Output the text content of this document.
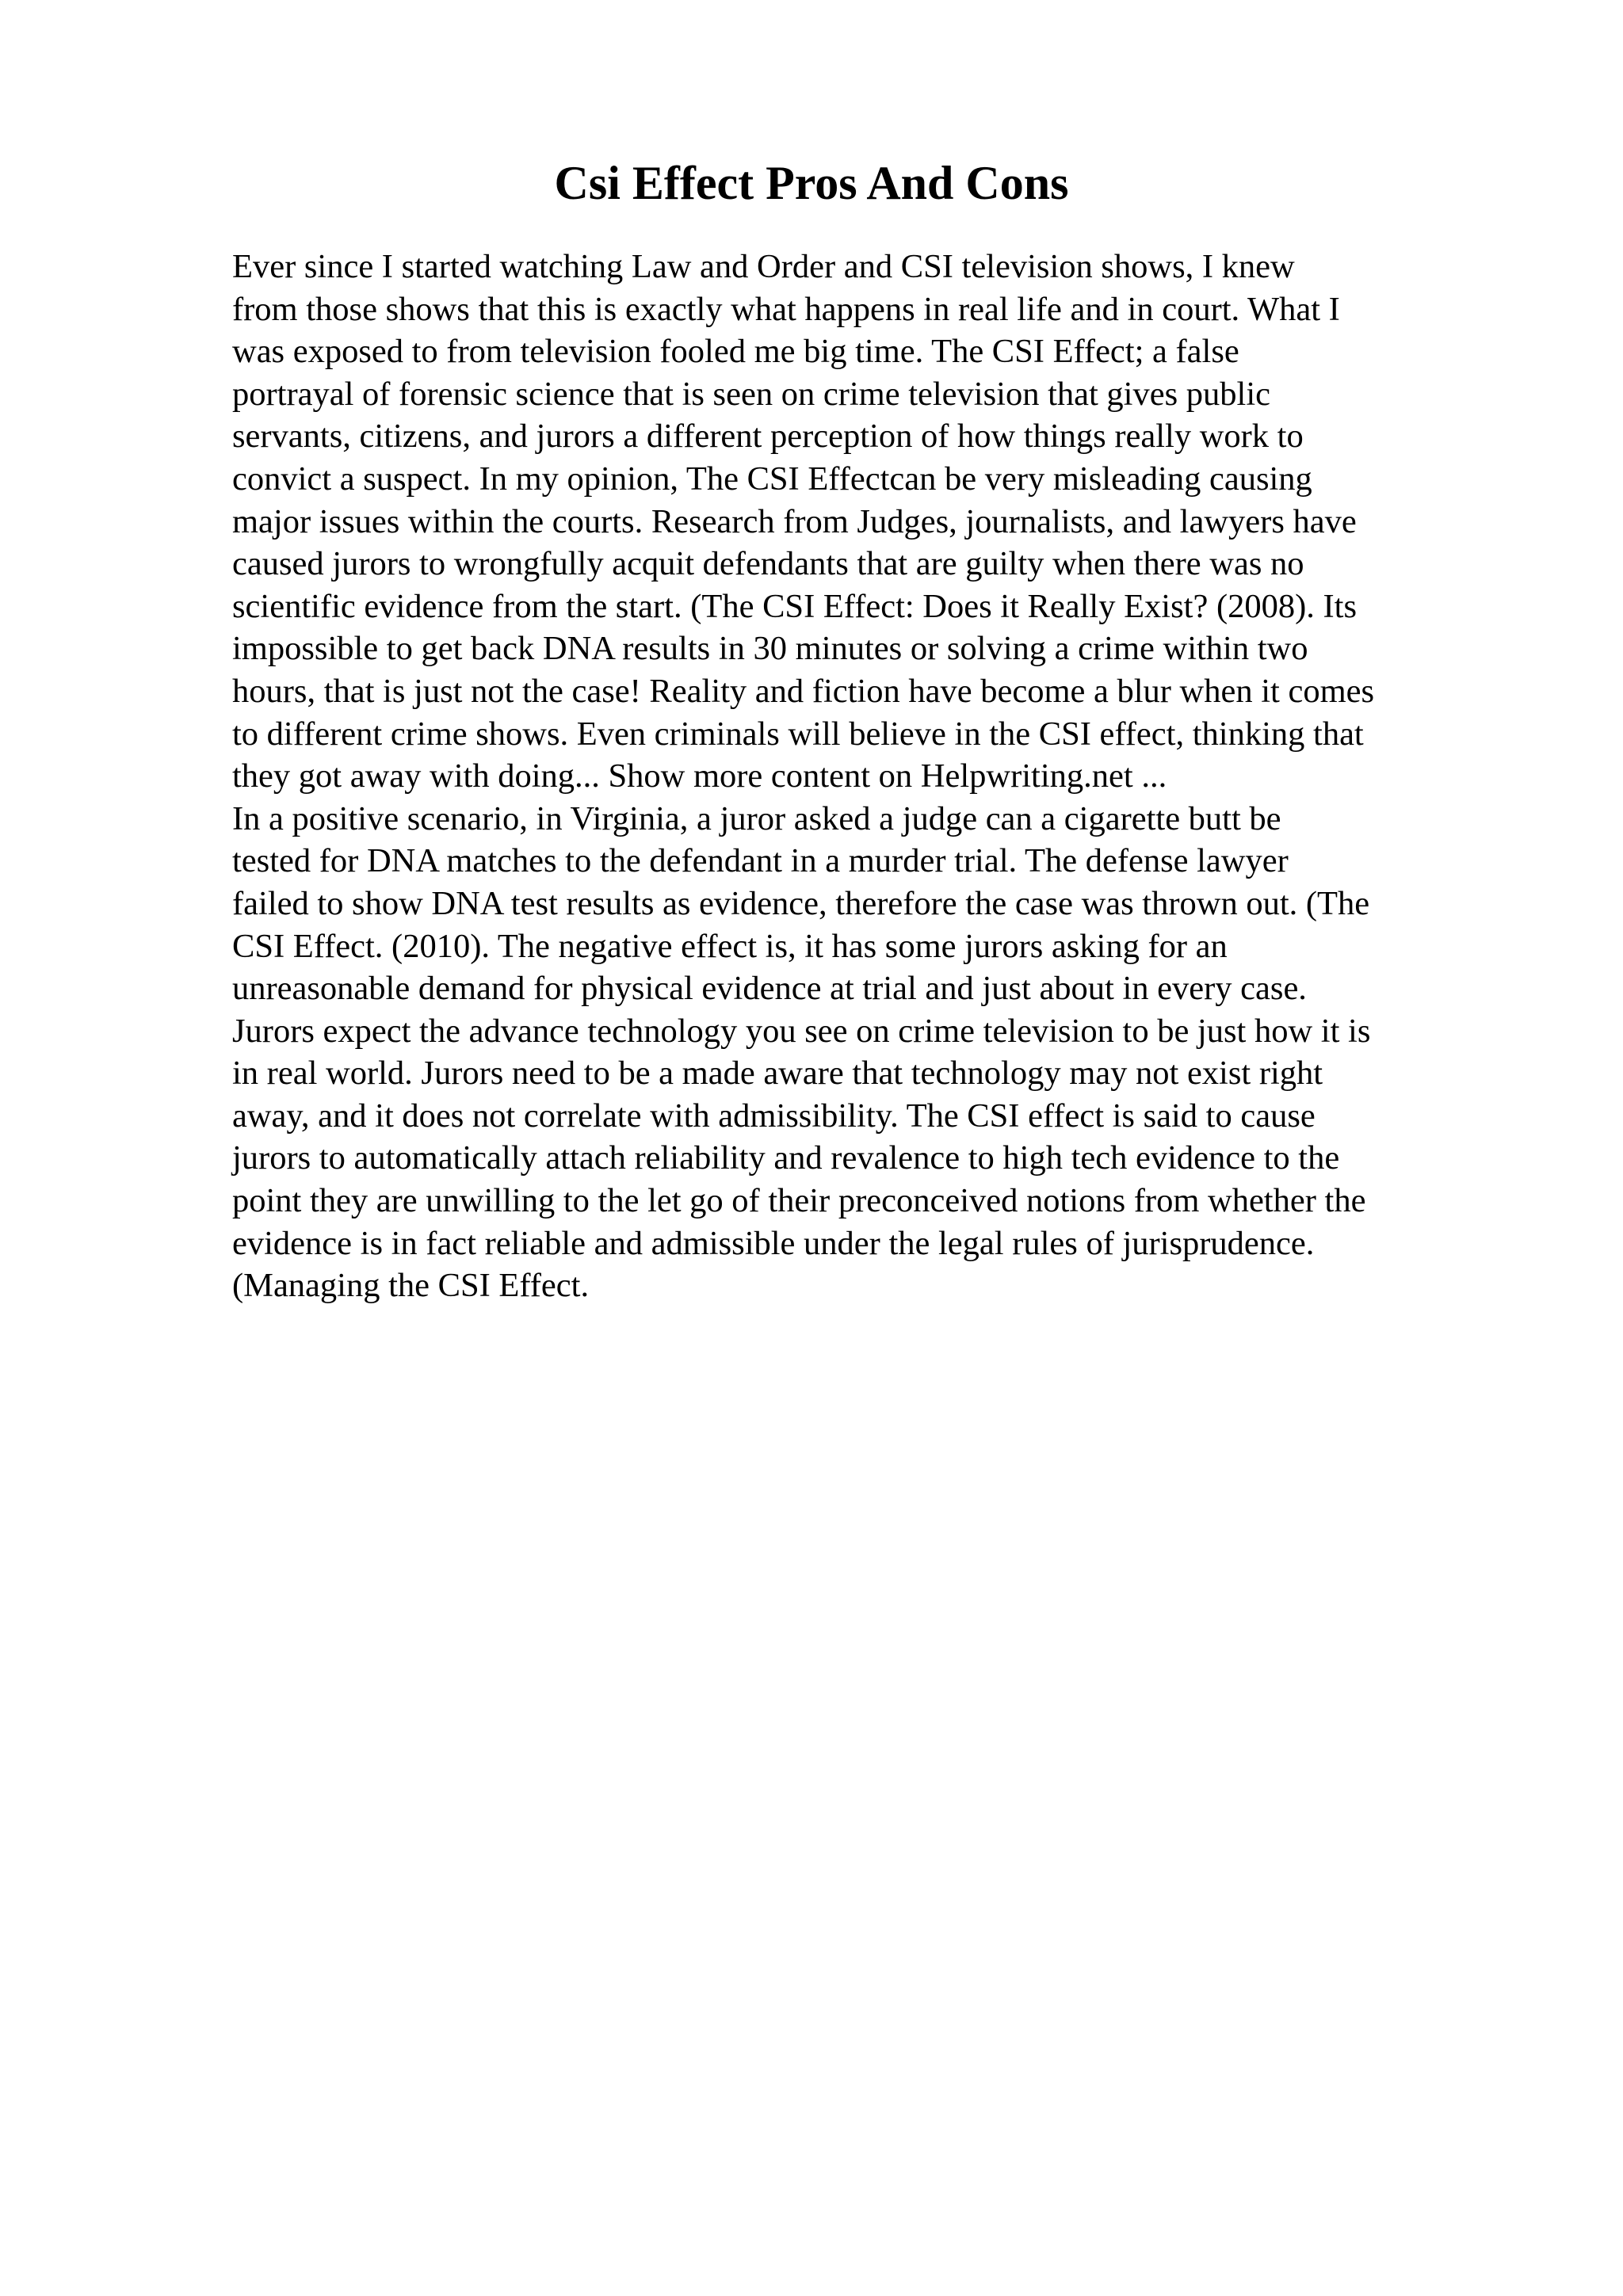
Csi Effect Pros And Cons
Ever since I started watching Law and Order and CSI television shows, I knew
from those shows that this is exactly what happens in real life and in court. What I
was exposed to from television fooled me big time. The CSI Effect; a false
portrayal of forensic science that is seen on crime television that gives public
servants, citizens, and jurors a different perception of how things really work to
convict a suspect. In my opinion, The CSI Effectcan be very misleading causing
major issues within the courts. Research from Judges, journalists, and lawyers have
caused jurors to wrongfully acquit defendants that are guilty when there was no
scientific evidence from the start. (The CSI Effect: Does it Really Exist? (2008). Its
impossible to get back DNA results in 30 minutes or solving a crime within two
hours, that is just not the case! Reality and fiction have become a blur when it comes
to different crime shows. Even criminals will believe in the CSI effect, thinking that
they got away with doing... Show more content on Helpwriting.net ...
In a positive scenario, in Virginia, a juror asked a judge can a cigarette butt be
tested for DNA matches to the defendant in a murder trial. The defense lawyer
failed to show DNA test results as evidence, therefore the case was thrown out. (The
CSI Effect. (2010). The negative effect is, it has some jurors asking for an
unreasonable demand for physical evidence at trial and just about in every case.
Jurors expect the advance technology you see on crime television to be just how it is
in real world. Jurors need to be a made aware that technology may not exist right
away, and it does not correlate with admissibility. The CSI effect is said to cause
jurors to automatically attach reliability and revalence to high tech evidence to the
point they are unwilling to the let go of their preconceived notions from whether the
evidence is in fact reliable and admissible under the legal rules of jurisprudence.
(Managing the CSI Effect.
